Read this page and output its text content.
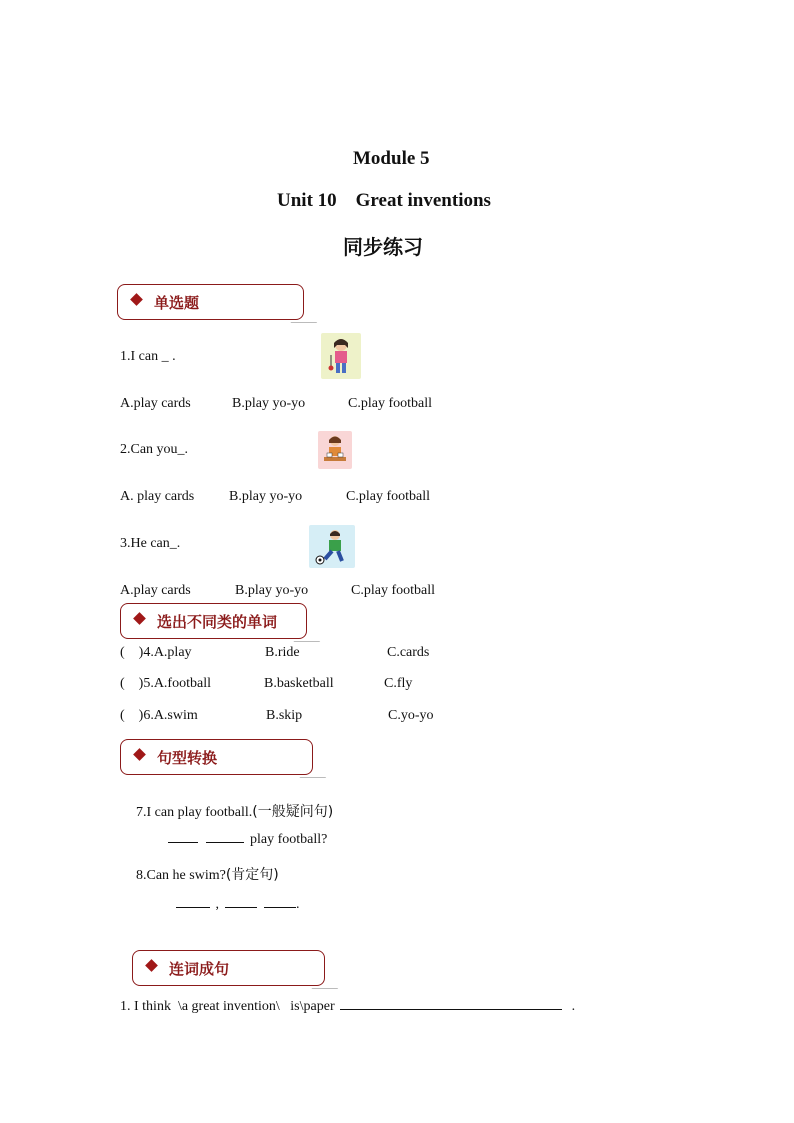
Module 5
Unit 10    Great inventions
同步练习
单选题
1.I can _ .
A.play cards	B.play yo-yo	C.play football
2.Can you_.
A. play cards B.play yo-yo	C.play football
3.He can_.
A.play cards	B.play yo-yo	C.play football
选出不同类的单词
(    )4.A.play	B.ride	C.cards
(    )5.A.football	B.basketball	C.fly
(    )6.A.swim	B.skip	C.yo-yo
句型转换
7.I can play football.(一般疑问句)
play football?
8.Can he swim?(肯定句)
,	.
连词成句
1. I think  \a great invention\   is\paper	.
